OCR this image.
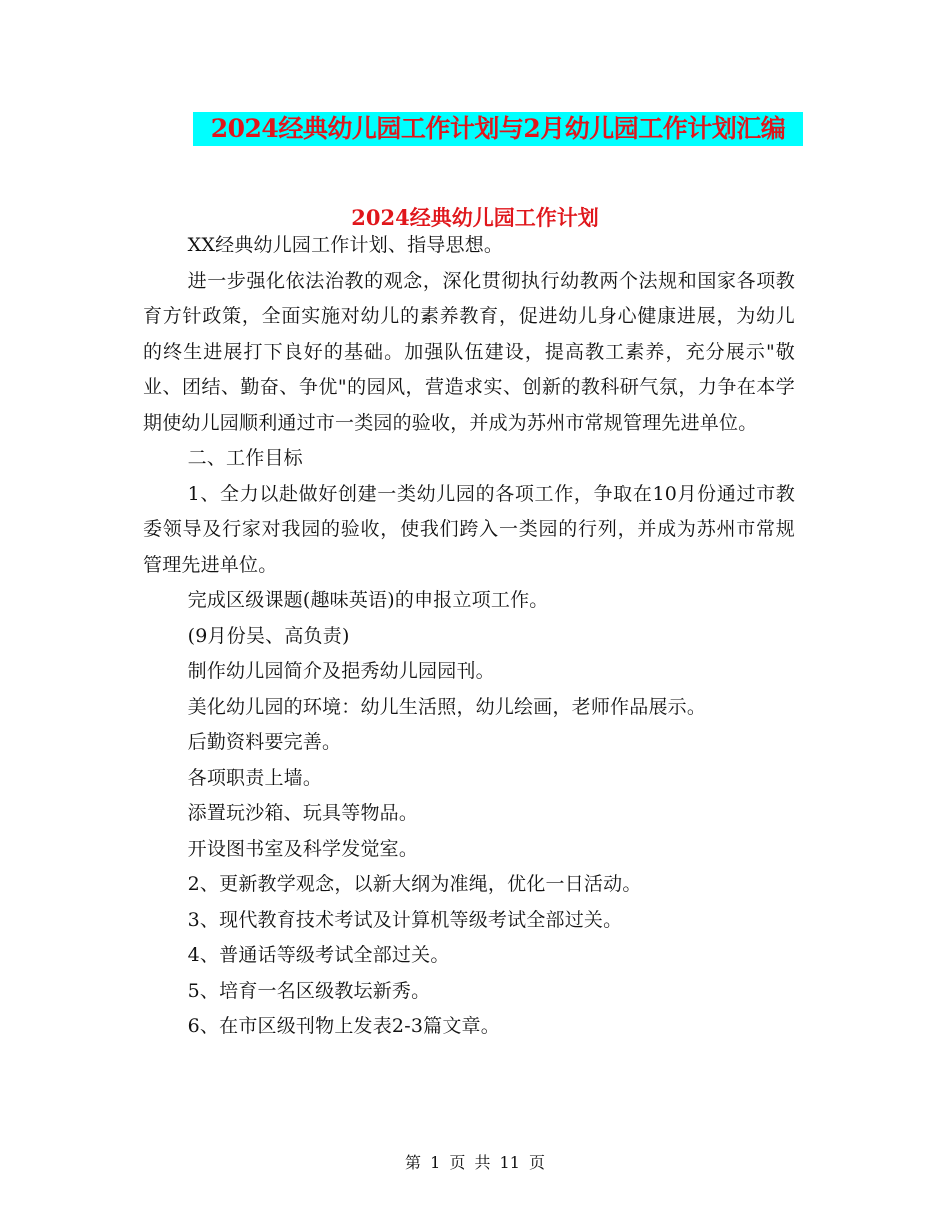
2024经典幼儿园工作计划与2月幼儿园工作计划汇编
2024经典幼儿园工作计划

XX经典幼儿园工作计划、指导思想。

进一步强化依法治教的观念，深化贯彻执行幼教两个法规和国家各项教育方针政策，全面实施对幼儿的素养教育，促进幼儿身心健康进展，为幼儿的终生进展打下良好的基础。加强队伍建设，提高教工素养，充分展示"敬业、团结、勤奋、争优"的园风，营造求实、创新的教科研气氛，力争在本学期使幼儿园顺利通过市一类园的验收，并成为苏州市常规管理先进单位。

二、工作目标

1、全力以赴做好创建一类幼儿园的各项工作，争取在10月份通过市教委领导及行家对我园的验收，使我们跨入一类园的行列，并成为苏州市常规管理先进单位。

完成区级课题(趣味英语)的申报立项工作。

(9月份吴、高负责)

制作幼儿园简介及挹秀幼儿园园刊。

美化幼儿园的环境：幼儿生活照，幼儿绘画，老师作品展示。

后勤资料要完善。

各项职责上墙。

添置玩沙箱、玩具等物品。

开设图书室及科学发觉室。

2、更新教学观念，以新大纲为准绳，优化一日活动。

3、现代教育技术考试及计算机等级考试全部过关。

4、普通话等级考试全部过关。

5、培育一名区级教坛新秀。

6、在市区级刊物上发表2-3篇文章。

第 1 页 共 11 页
